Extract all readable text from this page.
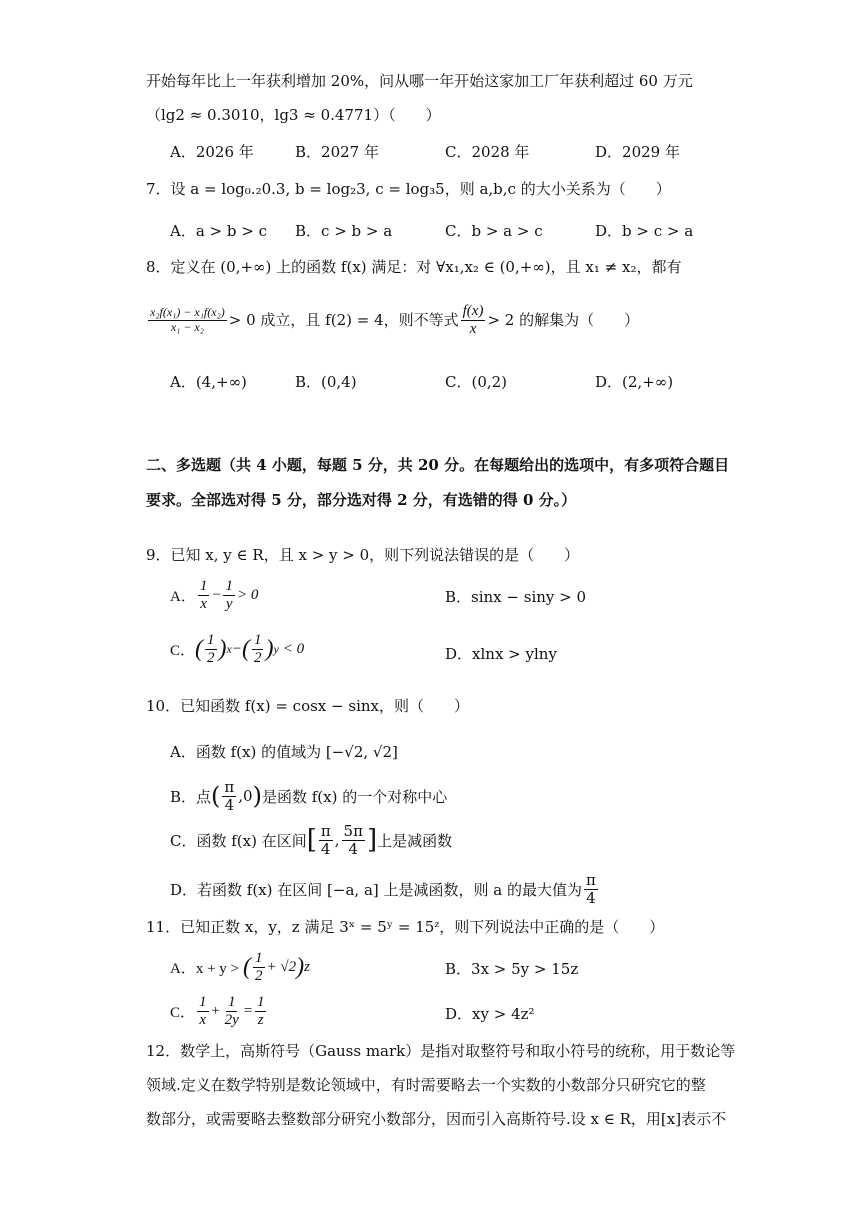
开始每年比上一年获利增加 20%，问从哪一年开始这家加工厂年获利超过 60 万元
（lg2 ≈ 0.3010，lg3 ≈ 0.4771）（　　）
A．2026 年	B．2027 年	C．2028 年	D．2029 年
7．设 a = log₀.₂0.3, b = log₂3, c = log₃5，则 a,b,c 的大小关系为（　　）
A．a > b > c B．c > b > a	C．b > a > c	D．b > c > a
8．定义在 (0,+∞) 上的函数 f(x) 满足：对 ∀x₁,x₂ ∈ (0,+∞)，且 x₁ ≠ x₂，都有
$\frac{\text{x₂f(x₁) − x₁f(x₂)}}{\text{x₁ − x₂}} > 0$ 成立，且 f(2) = 4，则不等式 $\frac{f(x)}{x} > 2$ 的解集为（　　）
A．(4,+∞)	B．(0,4)	C．(0,2)	D．(2,+∞)
二、多选题（共 4 小题，每题 5 分，共 20 分。在每题给出的选项中，有多项符合题目
要求。全部选对得 5 分，部分选对得 2 分，有选错的得 0 分。）
9．已知 x, y ∈ R，且 x > y > 0，则下列说法错误的是（　　）
A． $\frac{1}{x} - \frac{1}{y} > 0$	B．sinx − siny > 0
C． ( $\frac{1}{2}$ ) x − ( $\frac{1}{2}$ ) y < 0	D．xlnx > ylny
10．已知函数 f(x) = cosx − sinx，则（　　）
A．函数 f(x) 的值域为 [−√2, √2]
B．点 ( $\frac{\pi}{4} ,0$ ) 是函数 f(x) 的一个对称中心
C．函数 f(x) 在区间 [ $\frac{\pi}{4}$ , $\frac{5\pi}{4}$ ] 上是减函数
D．若函数 f(x) 在区间 [−a, a] 上是减函数，则 a 的最大值为 $\frac{\pi}{4}$
11．已知正数 x，y，z 满足 3ˣ = 5ʸ = 15ᶻ，则下列说法中正确的是（　　）
A．x + y > ( $\frac{1}{2} + √2$ ) z	B．3x > 5y > 15z
C． $\frac{1}{x} + \frac{1}{2y} = \frac{1}{z}$	D．xy > 4z²
12．数学上，高斯符号（Gauss mark）是指对取整符号和取小符号的统称，用于数论等
领域.定义在数学特别是数论领域中，有时需要略去一个实数的小数部分只研究它的整
数部分，或需要略去整数部分研究小数部分，因而引入高斯符号.设 x ∈ R，用[x]表示不
